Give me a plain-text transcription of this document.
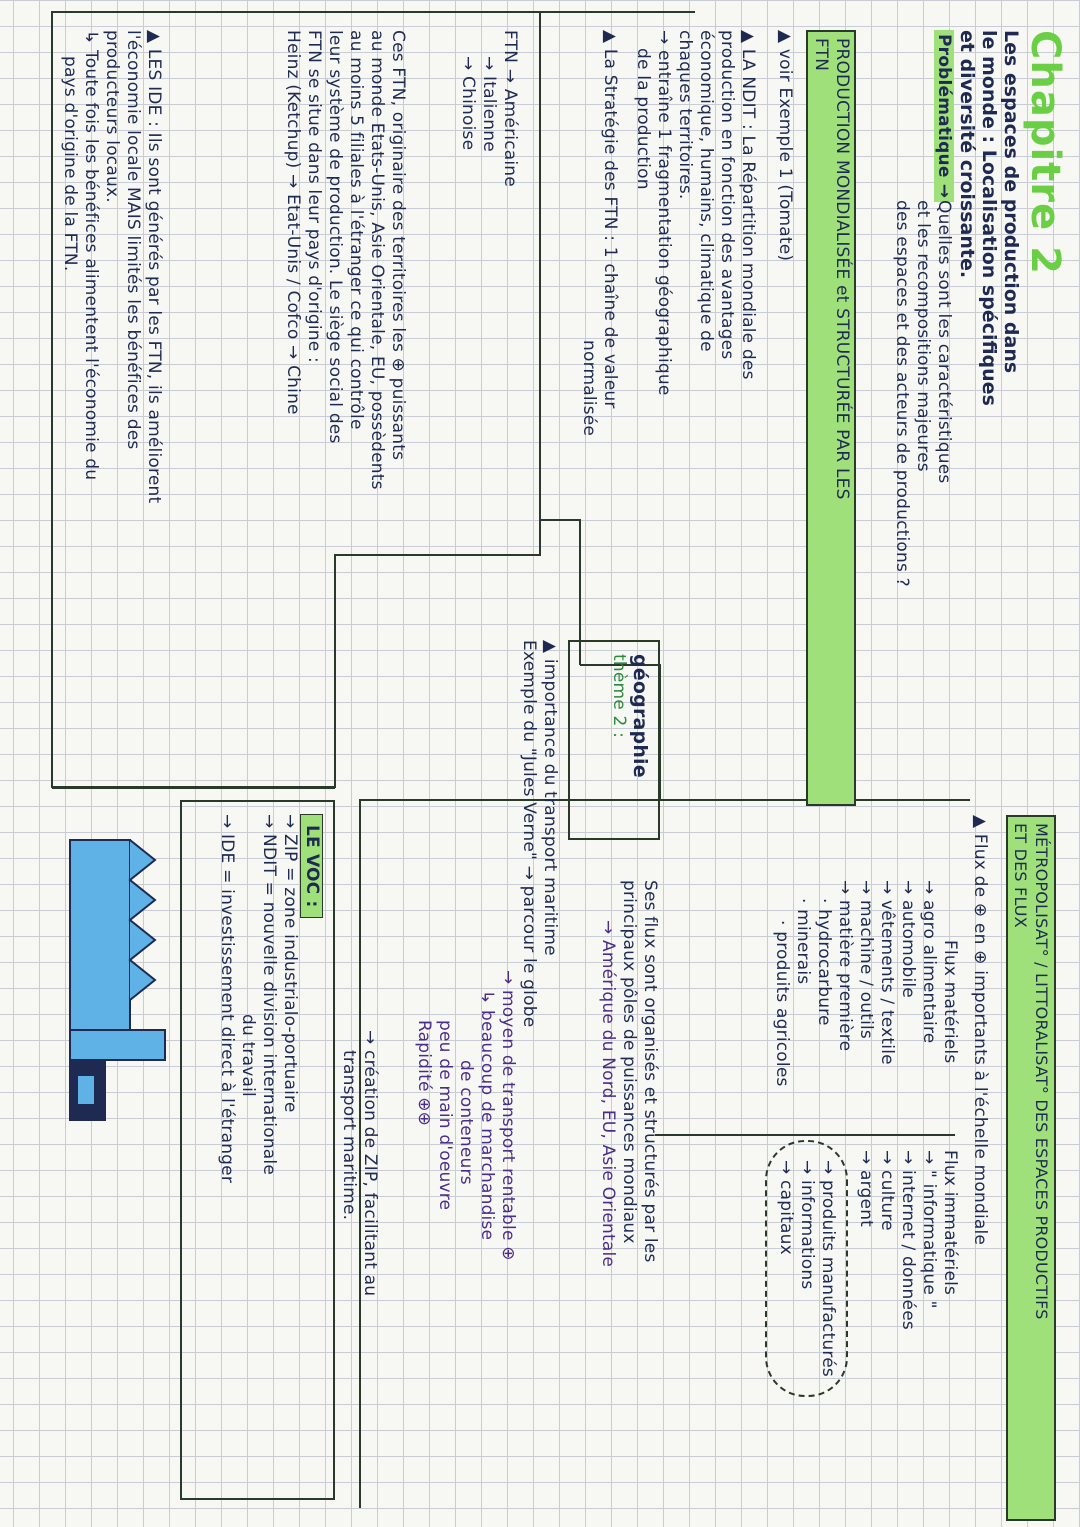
Chapitre 2
Les espaces de production dans
le monde : Localisation spécifiques
et diversité croissante.
Problématique →
Quelles sont les caractéristiques
et les recompositions majeures
des espaces et des acteurs de productions ?
PRODUCTION MONDIALISÉE et STRUCTURÉE PAR LES
FTN
▲ voir Exemple 1 (Tomate)
▲ LA NDIT : La Répartition mondiale des
production en fonction des avantages
économique, humains, climatique de
chaques territoires.
→ entraîne 1 fragmentation géographique
de la production
▲ La Stratégie des FTN : 1 chaîne de valeur
normalisée
FTN → Américaine
→ Italienne
→ Chinoise
Ces FTN, originaire des territoires les ⊕ puissants
au monde Etats-Unis, Asie Orientale, EU, possèdents
au moins 5 filiales à l'étranger ce qui contrôle
leur système de production. Le siège social des
FTN se situe dans leur pays d'origine :
Heinz (Ketchup) → Etat-Unis / Cofco → Chine
▲ LES IDE : Ils sont générés par les FTN, ils améliorent
l'économie locale MAIS limités les bénéfices des
producteurs locaux.
↳ Toute fois les bénéfices alimentent l'économie du
pays d'origine de la FTN.
MÉTROPOLISAT° / LITTORALISAT° DES ESPACES PRODUCTIFS
ET DES FLUX
▲ Flux de ⊕ en ⊕ importants à l'échelle mondiale
Flux matériels
→ agro alimentaire
→ automobile
→ vêtements / textile
→ machine / outils
→ matière première
· hydrocarbure
· minerais
· produits agricoles
Flux immatériels
→ " informatique "
→ internet / données
→ culture
→ argent
→ produits manufacturés
→ informations
→ capitaux
Ses flux sont organisés et structurés par les
principaux pôles de puissances mondiaux
→ Amérique du Nord, EU, Asie Orientale
géographie
thème 2 :
▲ importance du transport maritime
Exemple du "Jules Verne" → parcour le globe
→ moyen de transport rentable ⊕
↳ beaucoup de marchandise
de conteneurs
peu de main d'oeuvre
Rapidité ⊕⊕
→ création de ZIP, facilitant au
transport maritime.
LE VOC :
→ ZIP = zone industrialo-portuaire
→ NDIT = nouvelle division internationale
du travail
→ IDE = investissement direct à l'étranger
